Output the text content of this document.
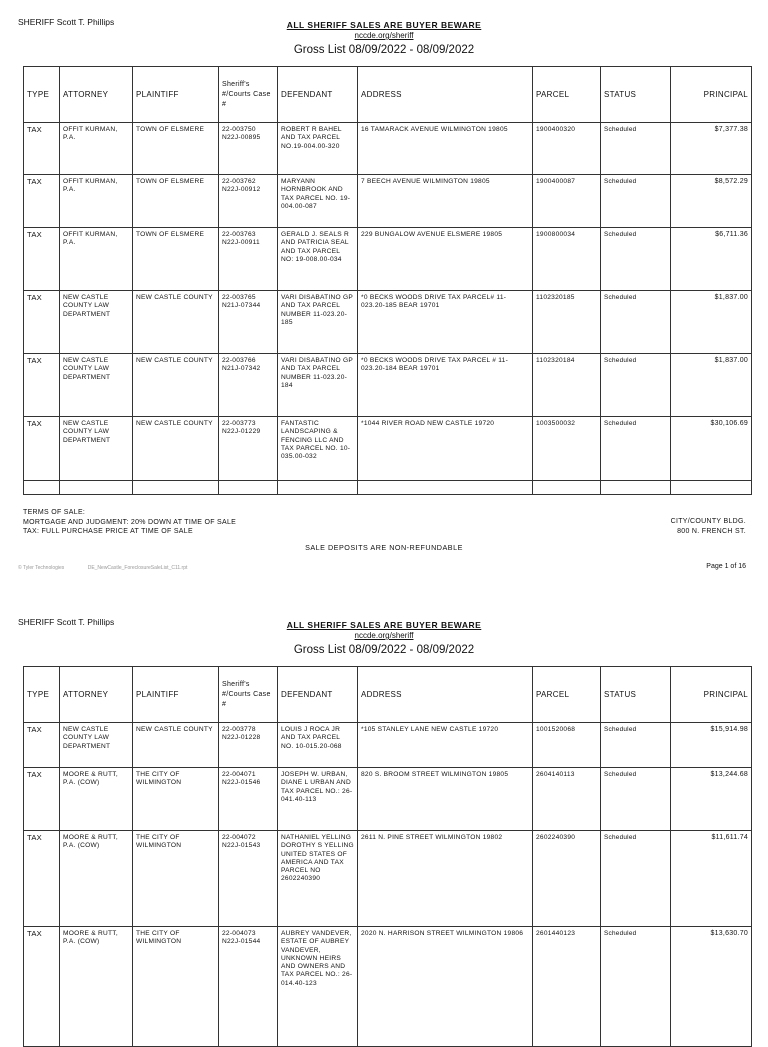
SHERIFF Scott T. Phillips	ALL SHERIFF SALES ARE BUYER BEWARE
nccde.org/sheriff
Gross List 08/09/2022 - 08/09/2022
TYPE	ATTORNEY	PLAINTIFF	Sheriff's #/Courts Case #	DEFENDANT	ADDRESS	PARCEL	STATUS	PRINCIPAL
TAX	OFFIT KURMAN, P.A.	TOWN OF ELSMERE	22-003750 N22J-00895	ROBERT R BAHEL AND TAX PARCEL NO.19-004.00-320	16 TAMARACK AVENUE WILMINGTON 19805	1900400320	Scheduled	$7,377.38
TAX	OFFIT KURMAN, P.A.	TOWN OF ELSMERE	22-003762 N22J-00912	MARYANN HORNBROOK AND TAX PARCEL NO. 19-004.00-087	7 BEECH AVENUE WILMINGTON 19805	1900400087	Scheduled	$8,572.29
TAX	OFFIT KURMAN, P.A.	TOWN OF ELSMERE	22-003763 N22J-00911	GERALD J. SEALS R AND PATRICIA SEAL AND TAX PARCEL NO: 19-008.00-034	229 BUNGALOW AVENUE ELSMERE 19805	1900800034	Scheduled	$6,711.36
TAX	NEW CASTLE COUNTY LAW DEPARTMENT	NEW CASTLE COUNTY	22-003765 N21J-07344	VARI DISABATINO GP AND TAX PARCEL NUMBER 11-023.20-185	*0 BECKS WOODS DRIVE TAX PARCEL# 11-023.20-185 BEAR 19701	1102320185	Scheduled	$1,837.00
TAX	NEW CASTLE COUNTY LAW DEPARTMENT	NEW CASTLE COUNTY	22-003766 N21J-07342	VARI DISABATINO GP AND TAX PARCEL NUMBER 11-023.20-184	*0 BECKS WOODS DRIVE TAX PARCEL # 11-023.20-184 BEAR 19701	1102320184	Scheduled	$1,837.00
TAX	NEW CASTLE COUNTY LAW DEPARTMENT	NEW CASTLE COUNTY	22-003773 N22J-01229	FANTASTIC LANDSCAPING & FENCING LLC AND TAX PARCEL NO. 10-035.00-032	*1044 RIVER ROAD NEW CASTLE 19720	1003500032	Scheduled	$30,106.69

TERMS OF SALE:
MORTGAGE AND JUDGMENT: 20% DOWN AT TIME OF SALE
TAX: FULL PURCHASE PRICE AT TIME OF SALE
CITY/COUNTY BLDG.
800 N. FRENCH ST.
SALE DEPOSITS ARE NON-REFUNDABLE
© Tyler Technologies	DE_NewCastle_ForeclosureSaleList_C11.rpt	Page 1 of 16
SHERIFF Scott T. Phillips	ALL SHERIFF SALES ARE BUYER BEWARE
nccde.org/sheriff
Gross List 08/09/2022 - 08/09/2022
TYPE	ATTORNEY	PLAINTIFF	Sheriff's #/Courts Case #	DEFENDANT	ADDRESS	PARCEL	STATUS	PRINCIPAL
TAX	NEW CASTLE COUNTY LAW DEPARTMENT	NEW CASTLE COUNTY	22-003778 N22J-01228	LOUIS J ROCA JR AND TAX PARCEL NO. 10-015.20-068	*105 STANLEY LANE NEW CASTLE 19720	1001520068	Scheduled	$15,914.98
TAX	MOORE & RUTT, P.A. (COW)	THE CITY OF WILMINGTON	22-004071 N22J-01546	JOSEPH W. URBAN, DIANE L URBAN AND TAX PARCEL NO.: 26-041.40-113	820 S. BROOM STREET WILMINGTON 19805	2604140113	Scheduled	$13,244.68
TAX	MOORE & RUTT, P.A. (COW)	THE CITY OF WILMINGTON	22-004072 N22J-01543	NATHANIEL YELLING DOROTHY S YELLING UNITED STATES OF AMERICA AND TAX PARCEL NO 2602240390	2611 N. PINE STREET WILMINGTON 19802	2602240390	Scheduled	$11,611.74
TAX	MOORE & RUTT, P.A. (COW)	THE CITY OF WILMINGTON	22-004073 N22J-01544	AUBREY VANDEVER, ESTATE OF AUBREY VANDEVER, UNKNOWN HEIRS AND OWNERS AND TAX PARCEL NO.: 26-014.40-123	2020 N. HARRISON STREET WILMINGTON 19806	2601440123	Scheduled	$13,630.70
